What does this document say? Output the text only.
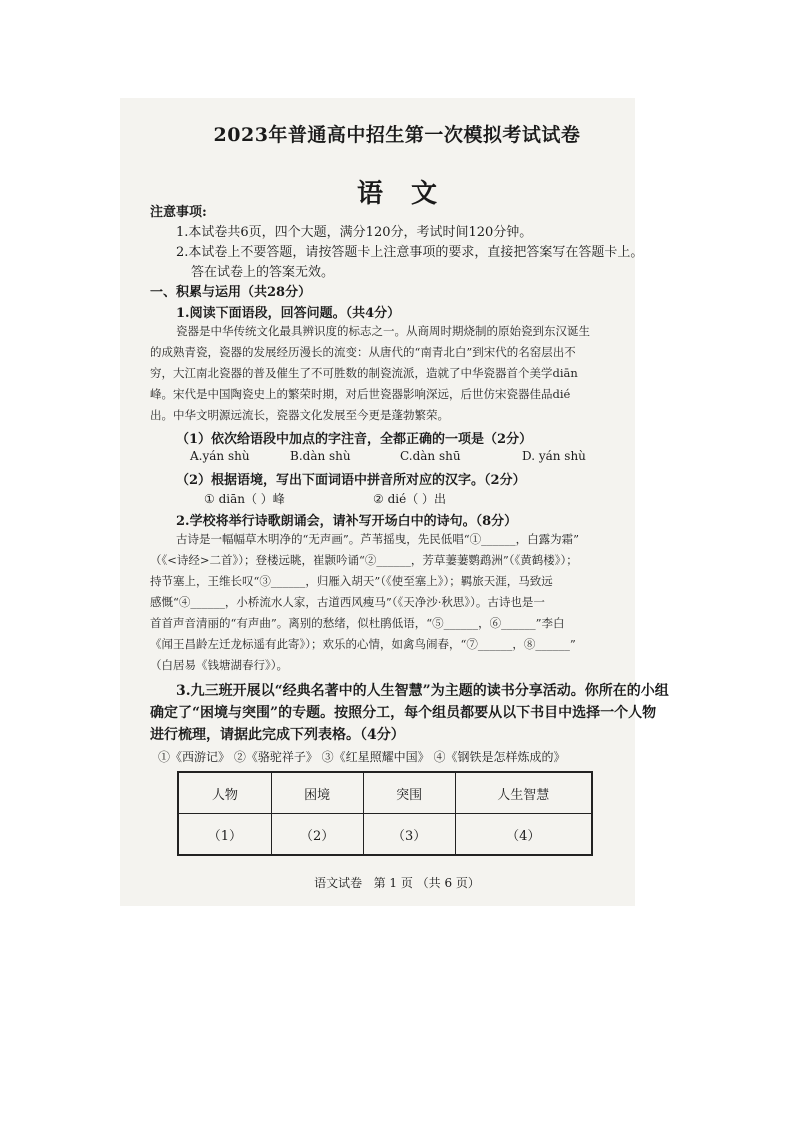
2023年普通高中招生第一次模拟考试试卷
语文
注意事项:
1.本试卷共6页，四个大题，满分120分，考试时间120分钟。
2.本试卷上不要答题，请按答题卡上注意事项的要求，直接把答案写在答题卡上。
答在试卷上的答案无效。
一、积累与运用（共28分）
1.阅读下面语段，回答问题。（共4分）
瓷器是中华传统文化最具辨识度的标志之一。从商周时期烧制的原始瓷到东汉诞生
的成熟青瓷，瓷器的发展经历漫长的流变：从唐代的“南青北白”到宋代的名窑层出不
穷，大江南北瓷器的普及催生了不可胜数的制瓷流派，造就了中华瓷器首个美学diān
峰。宋代是中国陶瓷史上的繁荣时期，对后世瓷器影响深远，后世仿宋瓷器佳品dié
出。中华文明源远流长，瓷器文化发展至今更是蓬勃繁荣。
（1）依次给语段中加点的字注音，全都正确的一项是（2分）
A.yán shù	B.dàn shù	C.dàn shū	D. yán shù
（2）根据语境，写出下面词语中拼音所对应的汉字。（2分）
① diān（ ）峰	② dié（ ）出
2.学校将举行诗歌朗诵会，请补写开场白中的诗句。（8分）
古诗是一幅幅草木明净的“无声画”。芦苇摇曳，先民低唱“①______，白露为霜”
（《<诗经>二首》）；登楼远眺，崔颢吟诵“②______，芳草萋萋鹦鹉洲”（《黄鹤楼》）；
持节塞上，王维长叹“③______，归雁入胡天”（《使至塞上》）；羁旅天涯，马致远
感慨“④______，小桥流水人家，古道西风瘦马”（《天净沙·秋思》）。古诗也是一
首首声音清丽的“有声曲”。离别的愁绪，似杜鹃低语，“⑤______，⑥______”李白
《闻王昌龄左迁龙标遥有此寄》）；欢乐的心情，如禽鸟闹春，“⑦______，⑧______”
（白居易《钱塘湖春行》）。
3.九三班开展以“经典名著中的人生智慧”为主题的读书分享活动。你所在的小组
确定了“困境与突围”的专题。按照分工，每个组员都要从以下书目中选择一个人物
进行梳理，请据此完成下列表格。（4分）
①《西游记》 ②《骆驼祥子》 ③《红星照耀中国》 ④《钢铁是怎样炼成的》
人物	困境	突围	人生智慧
（1）	（2）	（3）	（4）
语文试卷 第 1 页 （共 6 页）
